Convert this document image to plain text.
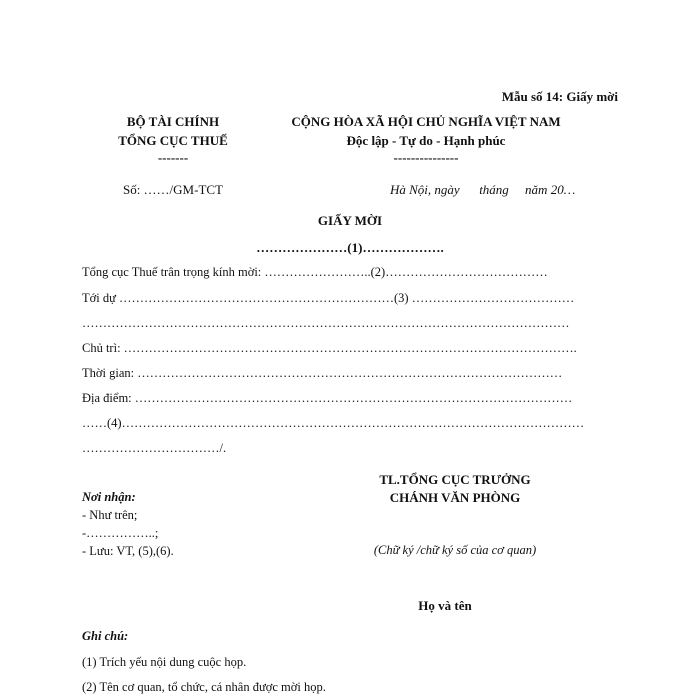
Mẫu số 14: Giấy mời
BỘ TÀI CHÍNH
TỔNG CỤC THUẾ
-------
Số: ……/GM-TCT
CỘNG HÒA XÃ HỘI CHỦ NGHĨA VIỆT NAM
Độc lập - Tự do - Hạnh phúc
---------------
Hà Nội, ngày      tháng     năm 20…
GIẤY MỜI
…………………(1)……………….
Tổng cục Thuế trân trọng kính mời: ……………………..(2)…………………………………
Tới dự …………………………………………………………(3) …………………………………
………………………………………………………………………………………………………
Chủ trì: ……………………………………………………………………………………………….
Thời gian: …………………………………………………………………………………………
Địa điểm: ……………………………………………………………………………………………
……(4)…………………………………………………………………………………………………
……………………………/.
TL.TỔNG CỤC TRƯỞNG
CHÁNH VĂN PHÒNG
(Chữ ký /chữ ký số của cơ quan)
Họ và tên
Nơi nhận:
- Như trên;
-……………..;
- Lưu: VT, (5),(6).
Ghi chú:
(1) Trích yếu nội dung cuộc họp.
(2) Tên cơ quan, tổ chức, cá nhân được mời họp.
